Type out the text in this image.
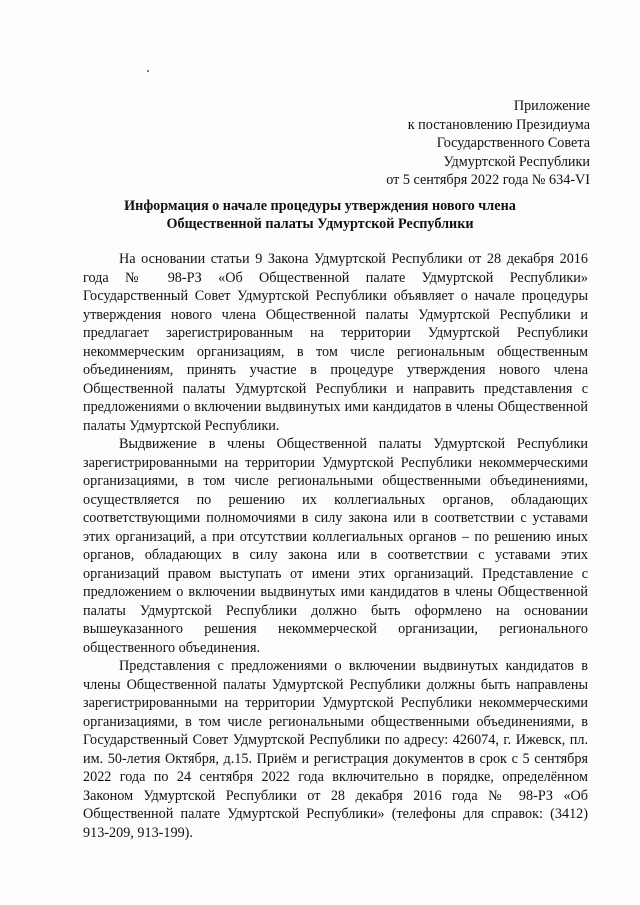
Приложение
к постановлению Президиума
Государственного Совета
Удмуртской Республики
от 5 сентября 2022 года № 634-VI
Информация о начале процедуры утверждения нового члена
Общественной палаты Удмуртской Республики

На основании статьи 9 Закона Удмуртской Республики от 28 декабря 2016 года № 98-РЗ «Об Общественной палате Удмуртской Республики» Государственный Совет Удмуртской Республики объявляет о начале процедуры утверждения нового члена Общественной палаты Удмуртской Республики и предлагает зарегистрированным на территории Удмуртской Республики некоммерческим организациям, в том числе региональным общественным объединениям, принять участие в процедуре утверждения нового члена Общественной палаты Удмуртской Республики и направить представления с предложениями о включении выдвинутых ими кандидатов в члены Общественной палаты Удмуртской Республики.

Выдвижение в члены Общественной палаты Удмуртской Республики зарегистрированными на территории Удмуртской Республики некоммерческими организациями, в том числе региональными общественными объединениями, осуществляется по решению их коллегиальных органов, обладающих соответствующими полномочиями в силу закона или в соответствии с уставами этих организаций, а при отсутствии коллегиальных органов – по решению иных органов, обладающих в силу закона или в соответствии с уставами этих организаций правом выступать от имени этих организаций. Представление с предложением о включении выдвинутых ими кандидатов в члены Общественной палаты Удмуртской Республики должно быть оформлено на основании вышеуказанного решения некоммерческой организации, регионального общественного объединения.

Представления с предложениями о включении выдвинутых кандидатов в члены Общественной палаты Удмуртской Республики должны быть направлены зарегистрированными на территории Удмуртской Республики некоммерческими организациями, в том числе региональными общественными объединениями, в Государственный Совет Удмуртской Республики по адресу: 426074, г. Ижевск, пл. им. 50-летия Октября, д.15. Приём и регистрация документов в срок с 5 сентября 2022 года по 24 сентября 2022 года включительно в порядке, определённом Законом Удмуртской Республики от 28 декабря 2016 года № 98-РЗ «Об Общественной палате Удмуртской Республики» (телефоны для справок: (3412) 913-209, 913-199).
